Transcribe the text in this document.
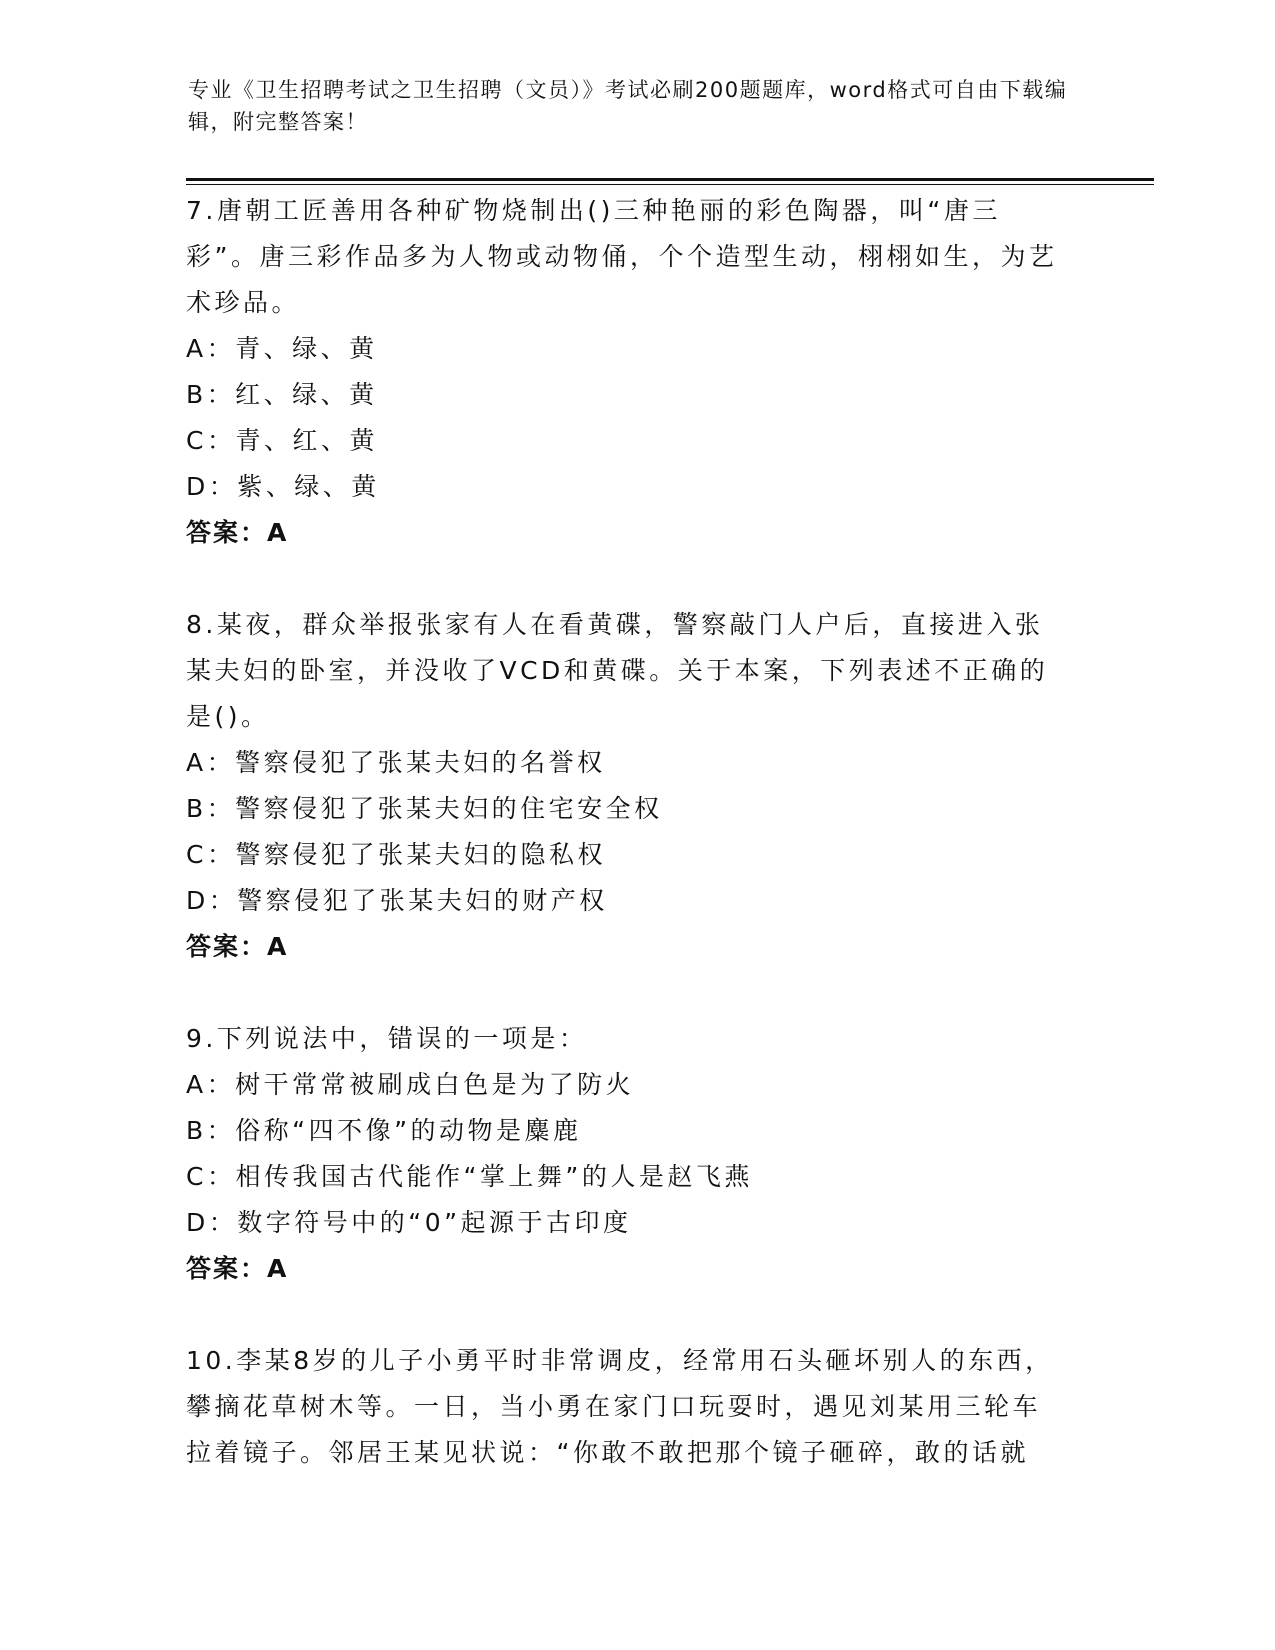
专业《卫生招聘考试之卫生招聘（文员）》考试必刷200题题库，word格式可自由下载编辑，附完整答案！
7.唐朝工匠善用各种矿物烧制出()三种艳丽的彩色陶器，叫“唐三彩”。唐三彩作品多为人物或动物俑，个个造型生动，栩栩如生，为艺术珍品。
A：青、绿、黄
B：红、绿、黄
C：青、红、黄
D：紫、绿、黄
答案：A
8.某夜，群众举报张家有人在看黄碟，警察敲门人户后，直接进入张某夫妇的卧室，并没收了VCD和黄碟。关于本案，下列表述不正确的是()。
A：警察侵犯了张某夫妇的名誉权
B：警察侵犯了张某夫妇的住宅安全权
C：警察侵犯了张某夫妇的隐私权
D：警察侵犯了张某夫妇的财产权
答案：A
9.下列说法中，错误的一项是：
A：树干常常被刷成白色是为了防火
B：俗称“四不像”的动物是麋鹿
C：相传我国古代能作“掌上舞”的人是赵飞燕
D：数字符号中的“0”起源于古印度
答案：A
10.李某8岁的儿子小勇平时非常调皮，经常用石头砸坏别人的东西，攀摘花草树木等。一日，当小勇在家门口玩耍时，遇见刘某用三轮车拉着镜子。邻居王某见状说：“你敢不敢把那个镜子砸碎，敢的话就
